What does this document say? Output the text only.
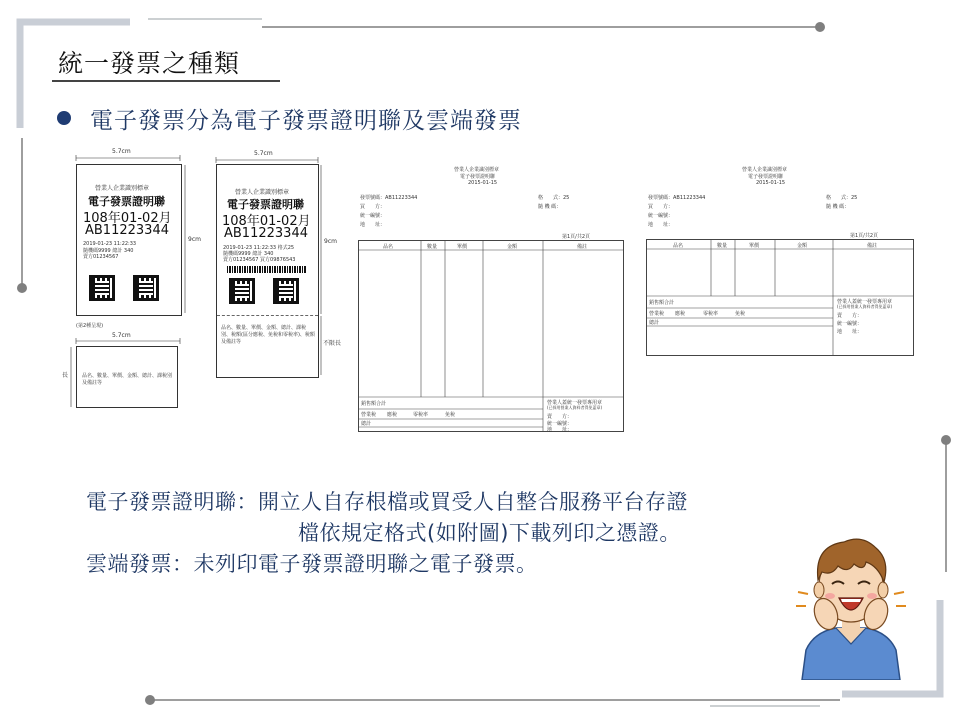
統一發票之種類
電子發票分為電子發票證明聯及雲端發票
5.7cm
營業人企業識別標章
電子發票證明聯
108年01-02月
AB11223344
2019-01-23 11:22:33
隨機碼9999 總計 340
賣方01234567
9cm
(第2種呈現)
5.7cm
長	品名、數量、單價、金額、總計、課稅別及備註等
5.7cm
營業人企業識別標章
電子發票證明聯
108年01-02月
AB11223344
2019-01-23 11:22:33 格式25
隨機碼9999 總計 340
賣方01234567 買方09876543
品名、數量、單價、金額、總計、課稅別、稅額(區分應稅、免稅和零稅率)、稅額及備註等
9cm
不限長
營業人企業識別標章
電子發票證明聯
2015-01-15
發票號碼：AB11223344	格　　式：25
買　　方：	隨 機 碼：
統一編號：
地　　址：
第1頁/共2頁
品名	數量	單價	金額	備註
銷售額合計
營業稅 應稅	零稅率	免稅
總計
營業人蓋統一發票專用章
(已採用營業人資料者得免蓋章)
賣　　方：
統一編號：
地　　址：
營業人企業識別標章
電子發票證明聯
2015-01-15
發票號碼：AB11223344	格　　式：25
買　　方：	隨 機 碼：
統一編號：
地　　址：
第1頁/共2頁
品名	數量	單價	金額	備註
銷售額合計
營業稅 應稅	零稅率	免稅
總計
營業人蓋統一發票專用章
(已採用營業人資料者得免蓋章)
賣　　方：
統一編號：
地　　址：
電子發票證明聯：開立人自存根檔或買受人自整合服務平台存證
檔依規定格式(如附圖)下載列印之憑證。
雲端發票：未列印電子發票證明聯之電子發票。
